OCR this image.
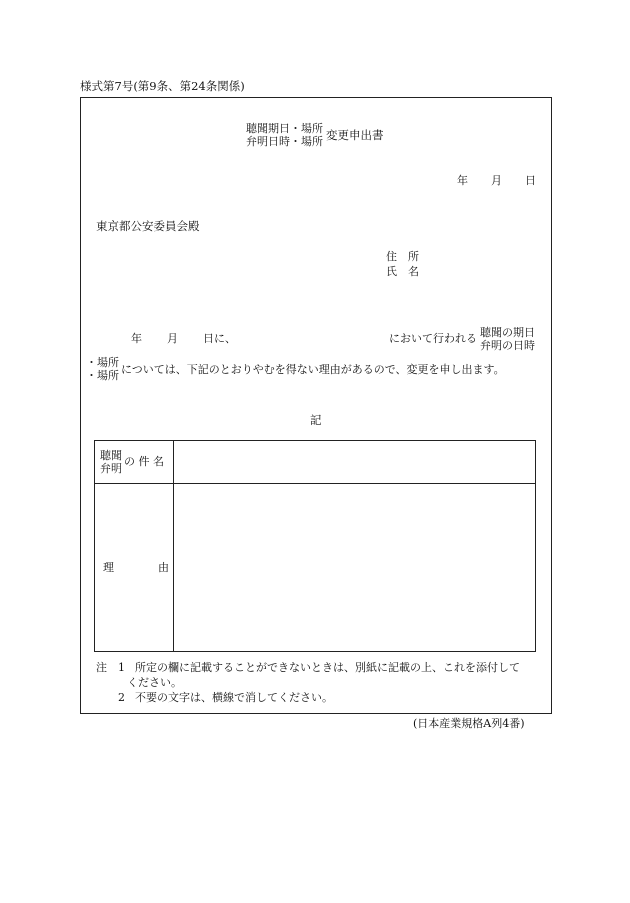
様式第7号(第9条、第24条関係)
聴聞期日・場所
弁明日時・場所 変更申出書
年 月 日
東京都公安委員会殿
住　所
氏　名
年 月 日に、	において行われる 聴聞の期日
弁明の日時
・場所
・場所 については、下記のとおりやむを得ない理由があるので、変更を申し出ます。
記
聴聞
弁明
の 件 名	

理 由	

注 1 所定の欄に記載することができないときは、別紙に記載の上、これを添付して
ください。
2 不要の文字は、横線で消してください。
(日本産業規格A列4番)
